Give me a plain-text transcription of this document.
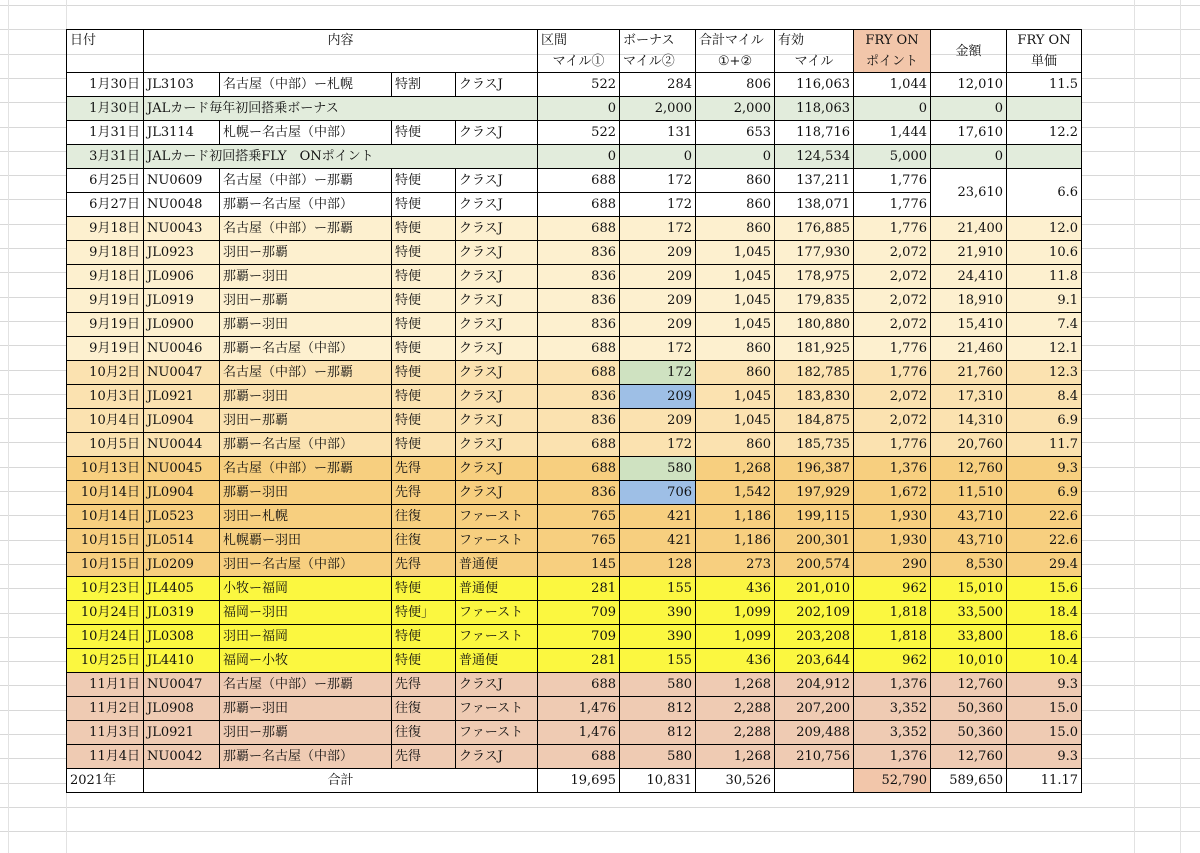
日付	内容				区間	ボーナス	合計マイル	有効	FRY ON	金額	FRY ON
					マイル①	マイル②	①+②	マイル	ポイント		単価
1月30日	JL3103	名古屋（中部）ー札幌	特割	クラスJ	522	284	806	116,063	1,044	12,010	11.5
1月30日	JALカード毎年初回搭乗ボーナス				0	2,000	2,000	118,063	0	0	
1月31日	JL3114	札幌ー名古屋（中部）	特便	クラスJ	522	131	653	118,716	1,444	17,610	12.2
3月31日	JALカード初回搭乗FLY　ONポイント				0	0	0	124,534	5,000	0	
6月25日	NU0609	名古屋（中部）ー那覇	特便	クラスJ	688	172	860	137,211	1,776	23,610	6.6
6月27日	NU0048	那覇ー名古屋（中部）	特便	クラスJ	688	172	860	138,071	1,776		
9月18日	NU0043	名古屋（中部）ー那覇	特便	クラスJ	688	172	860	176,885	1,776	21,400	12.0
9月18日	JL0923	羽田ー那覇	特便	クラスJ	836	209	1,045	177,930	2,072	21,910	10.6
9月18日	JL0906	那覇ー羽田	特便	クラスJ	836	209	1,045	178,975	2,072	24,410	11.8
9月19日	JL0919	羽田ー那覇	特便	クラスJ	836	209	1,045	179,835	2,072	18,910	9.1
9月19日	JL0900	那覇ー羽田	特便	クラスJ	836	209	1,045	180,880	2,072	15,410	7.4
9月19日	NU0046	那覇ー名古屋（中部）	特便	クラスJ	688	172	860	181,925	1,776	21,460	12.1
10月2日	NU0047	名古屋（中部）ー那覇	特便	クラスJ	688	172	860	182,785	1,776	21,760	12.3
10月3日	JL0921	那覇ー羽田	特便	クラスJ	836	209	1,045	183,830	2,072	17,310	8.4
10月4日	JL0904	羽田ー那覇	特便	クラスJ	836	209	1,045	184,875	2,072	14,310	6.9
10月5日	NU0044	那覇ー名古屋（中部）	特便	クラスJ	688	172	860	185,735	1,776	20,760	11.7
10月13日	NU0045	名古屋（中部）ー那覇	先得	クラスJ	688	580	1,268	196,387	1,376	12,760	9.3
10月14日	JL0904	那覇ー羽田	先得	クラスJ	836	706	1,542	197,929	1,672	11,510	6.9
10月14日	JL0523	羽田ー札幌	往復	ファースト	765	421	1,186	199,115	1,930	43,710	22.6
10月15日	JL0514	札幌覇ー羽田	往復	ファースト	765	421	1,186	200,301	1,930	43,710	22.6
10月15日	JL0209	羽田ー名古屋（中部）	先得	普通便	145	128	273	200,574	290	8,530	29.4
10月23日	JL4405	小牧ー福岡	特便	普通便	281	155	436	201,010	962	15,010	15.6
10月24日	JL0319	福岡ー羽田	特便」	ファースト	709	390	1,099	202,109	1,818	33,500	18.4
10月24日	JL0308	羽田ー福岡	特便	ファースト	709	390	1,099	203,208	1,818	33,800	18.6
10月25日	JL4410	福岡ー小牧	特便	普通便	281	155	436	203,644	962	10,010	10.4
11月1日	NU0047	名古屋（中部）ー那覇	先得	クラスJ	688	580	1,268	204,912	1,376	12,760	9.3
11月2日	JL0908	那覇ー羽田	往復	ファースト	1,476	812	2,288	207,200	3,352	50,360	15.0
11月3日	JL0921	羽田ー那覇	往復	ファースト	1,476	812	2,288	209,488	3,352	50,360	15.0
11月4日	NU0042	那覇ー名古屋（中部）	先得	クラスJ	688	580	1,268	210,756	1,376	12,760	9.3
2021年	合計				19,695	10,831	30,526		52,790	589,650	11.17
